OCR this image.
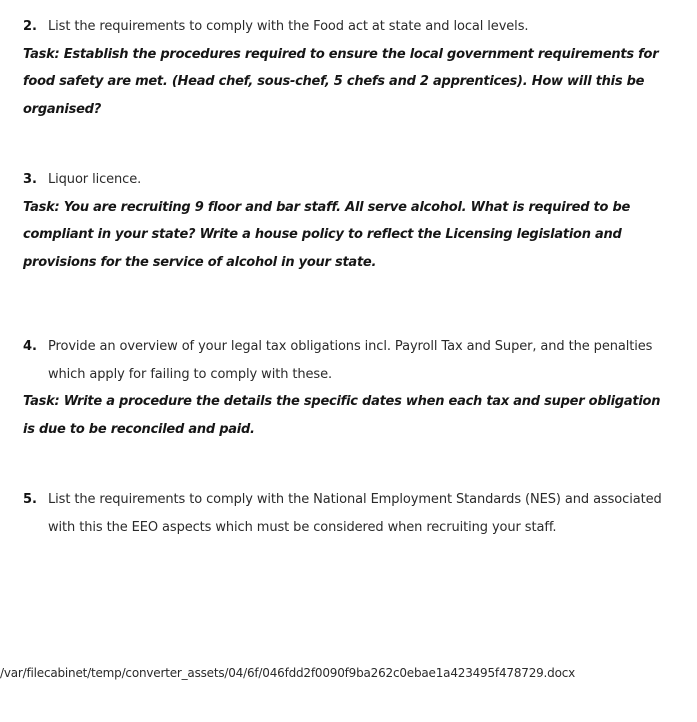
2. List the requirements to comply with the Food act at state and local levels.
Task: Establish the procedures required to ensure the local government requirements for food safety are met. (Head chef, sous-chef, 5 chefs and 2 apprentices). How will this be organised?
3. Liquor licence.
Task: You are recruiting 9 floor and bar staff. All serve alcohol. What is required to be compliant in your state? Write a house policy to reflect the Licensing legislation and provisions for the service of alcohol in your state.
4. Provide an overview of your legal tax obligations incl. Payroll Tax and Super, and the penalties which apply for failing to comply with these.
Task: Write a procedure the details the specific dates when each tax and super obligation is due to be reconciled and paid.
5. List the requirements to comply with the National Employment Standards (NES) and associated with this the EEO aspects which must be considered when recruiting your staff.
/var/filecabinet/temp/converter_assets/04/6f/046fdd2f0090f9ba262c0ebae1a423495f478729.docx
